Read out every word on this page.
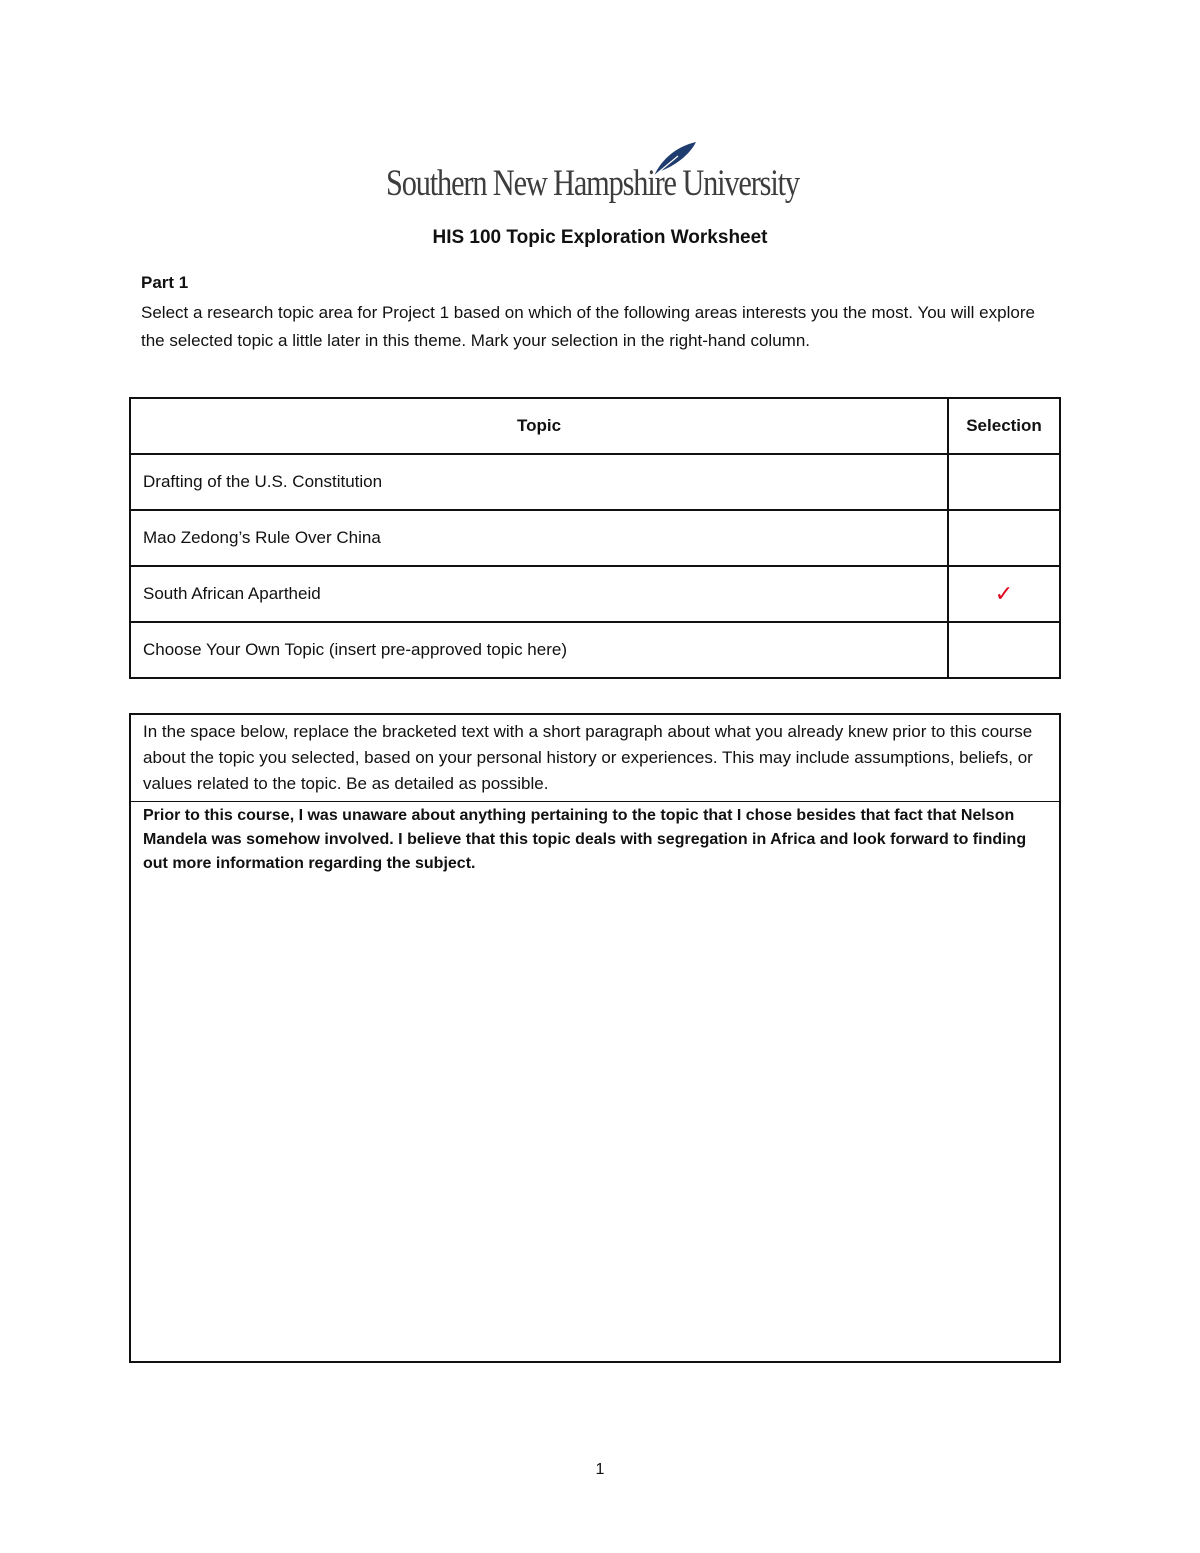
Southern New Hampshire University
HIS 100 Topic Exploration Worksheet
Part 1
Select a research topic area for Project 1 based on which of the following areas interests you the most. You will explore the selected topic a little later in this theme. Mark your selection in the right-hand column.
Topic	Selection
Drafting of the U.S. Constitution	
Mao Zedong’s Rule Over China	
South African Apartheid	✓
Choose Your Own Topic (insert pre-approved topic here)	
In the space below, replace the bracketed text with a short paragraph about what you already knew prior to this course about the topic you selected, based on your personal history or experiences. This may include assumptions, beliefs, or values related to the topic. Be as detailed as possible.
Prior to this course, I was unaware about anything pertaining to the topic that I chose besides that fact that Nelson Mandela was somehow involved. I believe that this topic deals with segregation in Africa and look forward to finding out more information regarding the subject.
1
